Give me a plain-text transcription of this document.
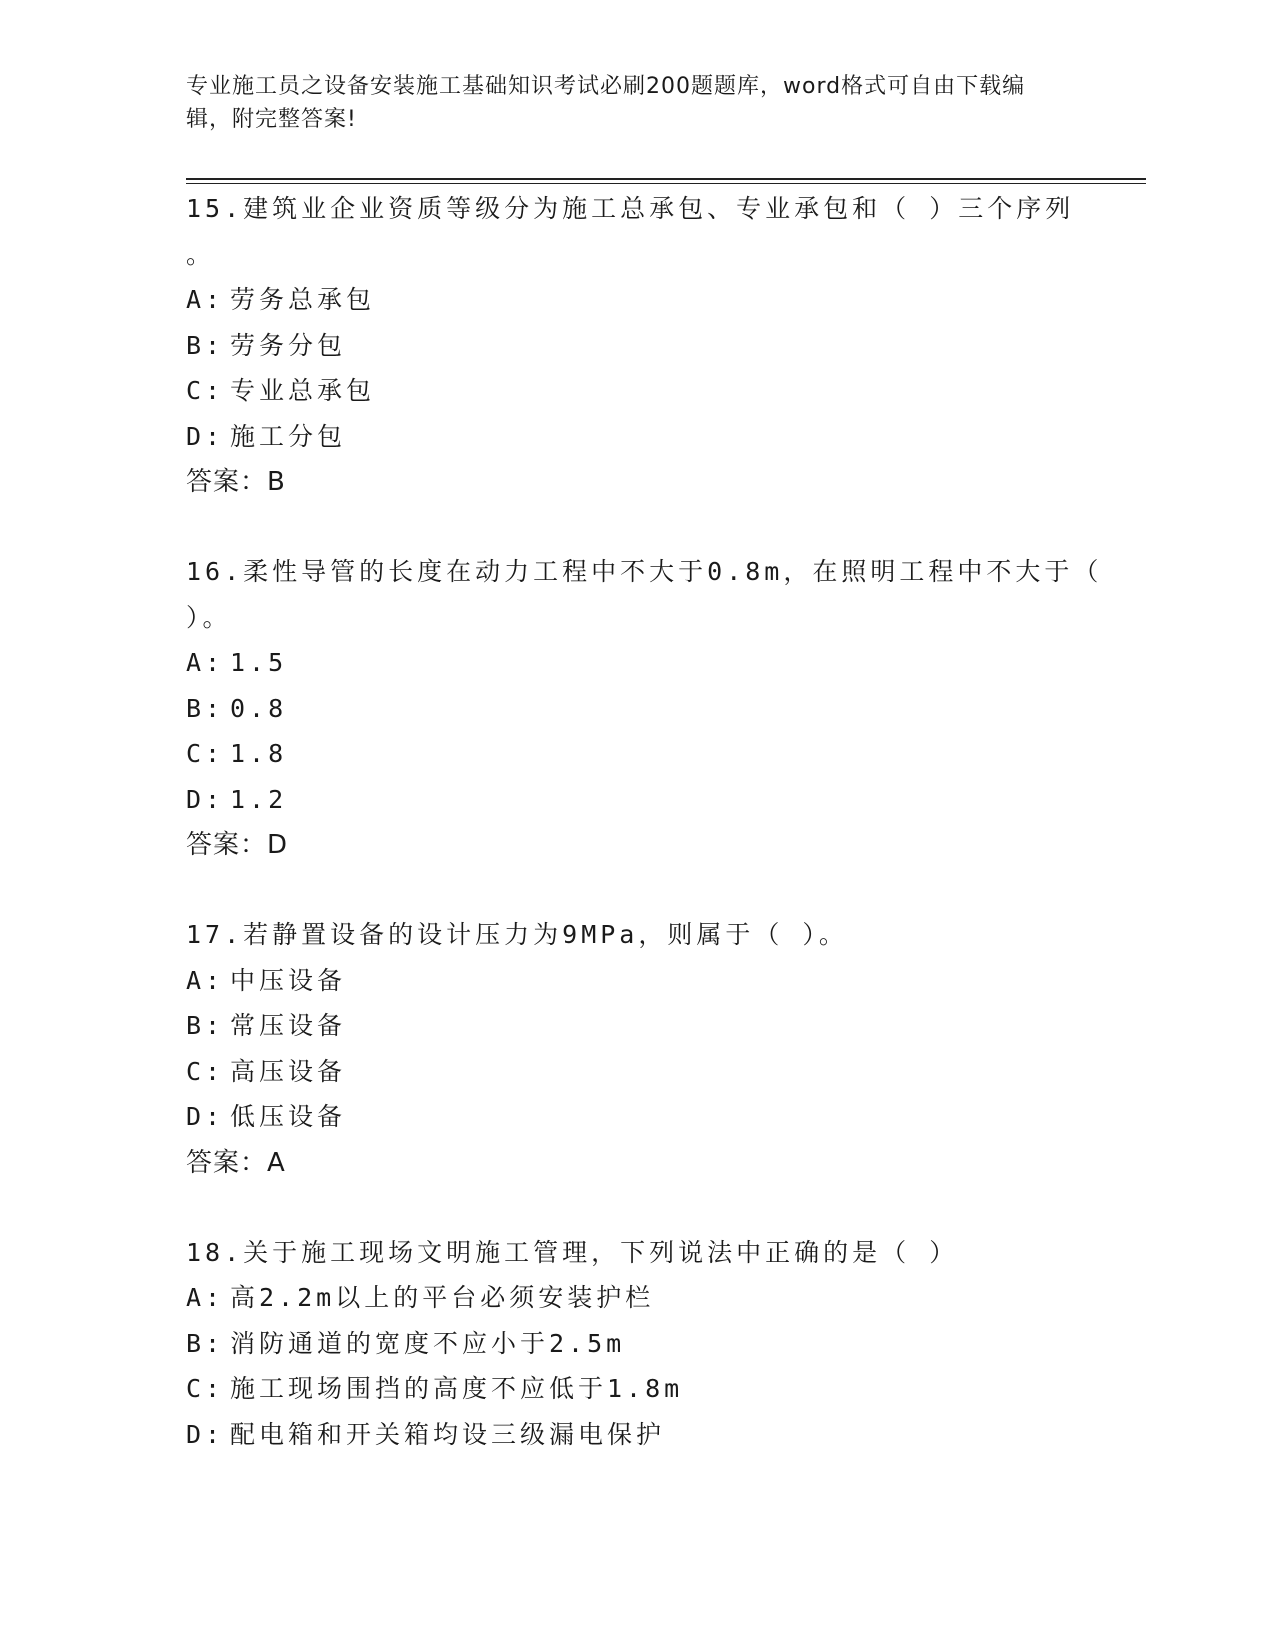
专业施工员之设备安装施工基础知识考试必刷200题题库，word格式可自由下载编辑，附完整答案!
15.建筑业企业资质等级分为施工总承包、专业承包和（ ）三个序列
。
A: 劳务总承包
B: 劳务分包
C: 专业总承包
D: 施工分包
答案：B
16.柔性导管的长度在动力工程中不大于0.8m，在照明工程中不大于（
）。
A: 1.5
B: 0.8
C: 1.8
D: 1.2
答案：D
17.若静置设备的设计压力为9MPa，则属于（ ）。
A: 中压设备
B: 常压设备
C: 高压设备
D: 低压设备
答案：A
18.关于施工现场文明施工管理，下列说法中正确的是（ ）
A: 高2.2m以上的平台必须安装护栏
B: 消防通道的宽度不应小于2.5m
C: 施工现场围挡的高度不应低于1.8m
D: 配电箱和开关箱均设三级漏电保护
